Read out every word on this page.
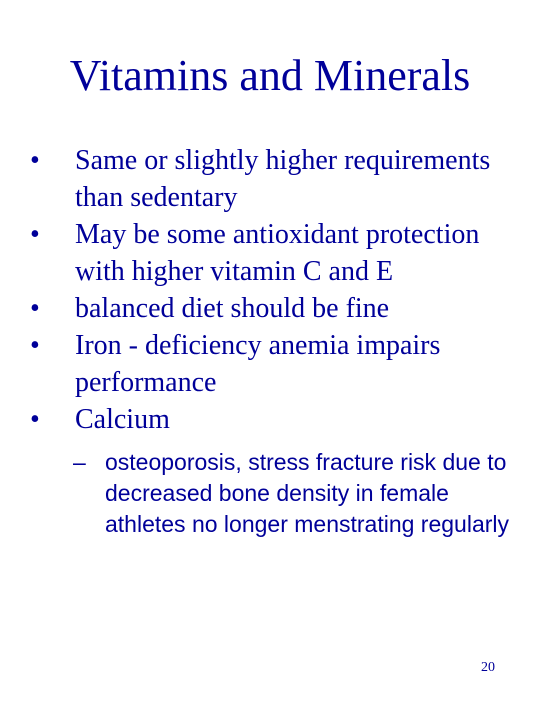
Vitamins and Minerals
•	Same or slightly higher requirements than sedentary
•	May be some antioxidant protection with higher vitamin C and E
•	balanced diet should be fine
•	Iron - deficiency anemia impairs performance
•	Calcium
– osteoporosis, stress fracture risk due to decreased bone density in female athletes no longer menstrating regularly
20
